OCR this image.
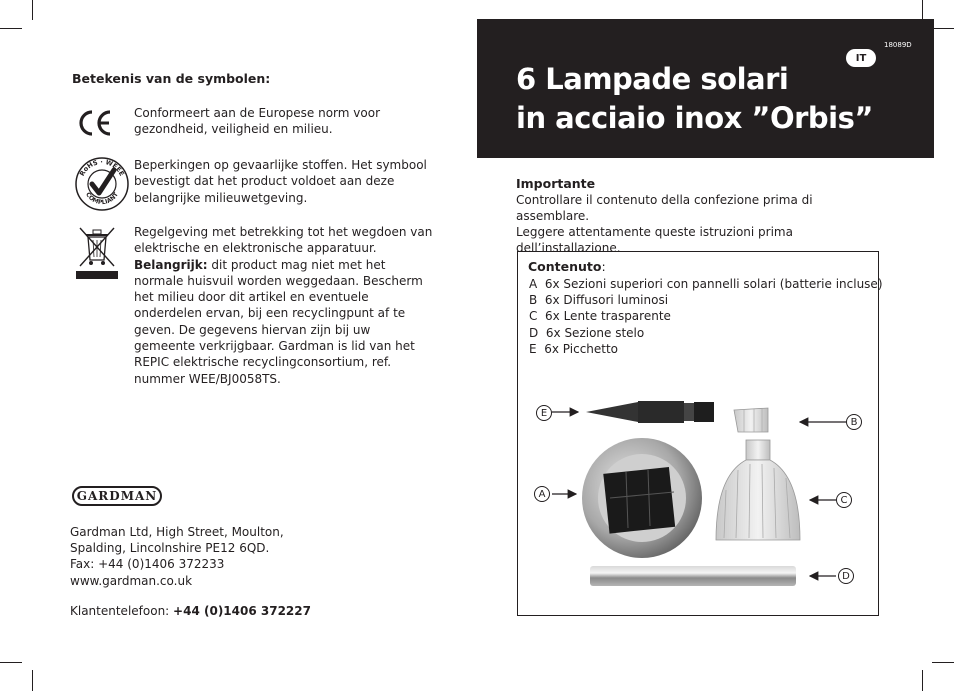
Betekenis van de symbolen:
Conformeert aan de Europese norm voor gezondheid, veiligheid en milieu.
RoHS · WEEE
COMPLIANT
Beperkingen op gevaarlijke stoffen. Het symbool bevestigt dat het product voldoet aan deze belangrijke milieuwetgeving.
Regelgeving met betrekking tot het wegdoen van elektrische en elektronische apparatuur. Belangrijk: dit product mag niet met het normale huisvuil worden weggedaan. Bescherm het milieu door dit artikel en eventuele onderdelen ervan, bij een recyclingpunt af te geven. De gegevens hiervan zijn bij uw gemeente verkrijgbaar. Gardman is lid van het REPIC elektrische recyclingconsortium, ref. nummer WEE/BJ0058TS.
GARDMAN
Gardman Ltd, High Street, Moulton,
Spalding, Lincolnshire PE12 6QD.
Fax: +44 (0)1406 372233
www.gardman.co.uk
Klantentelefoon: +44 (0)1406 372227
18089D
IT
6 Lampade solari
in acciaio inox ”Orbis”
Importante
Controllare il contenuto della confezione prima di assemblare.
Leggere attentamente queste istruzioni prima
dell’installazione.
Contenuto:
A 6x Sezioni superiori con pannelli solari (batterie incluse)
B 6x Diffusori luminosi
C 6x Lente trasparente
D 6x Sezione stelo
E 6x Picchetto
E
B
A
C
D
